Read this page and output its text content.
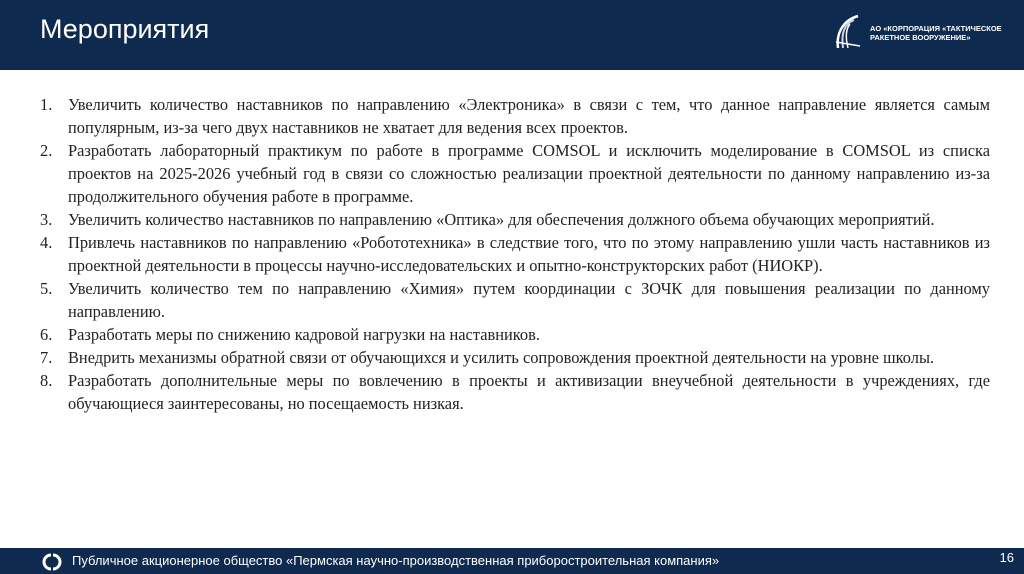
Мероприятия	АО «КОРПОРАЦИЯ «ТАКТИЧЕСКОЕ РАКЕТНОЕ ВООРУЖЕНИЕ»
1. Увеличить количество наставников по направлению «Электроника» в связи с тем, что данное направление является самым популярным, из-за чего двух наставников не хватает для ведения всех проектов.
2. Разработать лабораторный практикум по работе в программе COMSOL и исключить моделирование в COMSOL из списка проектов на 2025-2026 учебный год в связи со сложностью реализации проектной деятельности по данному направлению из-за продолжительного обучения работе в программе.
3. Увеличить количество наставников по направлению «Оптика» для обеспечения должного объема обучающих мероприятий.
4. Привлечь наставников по направлению «Робототехника» в следствие того, что по этому направлению ушли часть наставников из проектной деятельности в процессы научно-исследовательских и опытно-конструкторских работ (НИОКР).
5. Увеличить количество тем по направлению «Химия» путем координации с ЗОЧК для повышения реализации по данному направлению.
6. Разработать меры по снижению кадровой нагрузки на наставников.
7. Внедрить механизмы обратной связи от обучающихся и усилить сопровождения проектной деятельности на уровне школы.
8. Разработать дополнительные меры по вовлечению в проекты и активизации внеучебной деятельности в учреждениях, где обучающиеся заинтересованы, но посещаемость низкая.
Публичное акционерное общество «Пермская научно-производственная приборостроительная компания»	16
